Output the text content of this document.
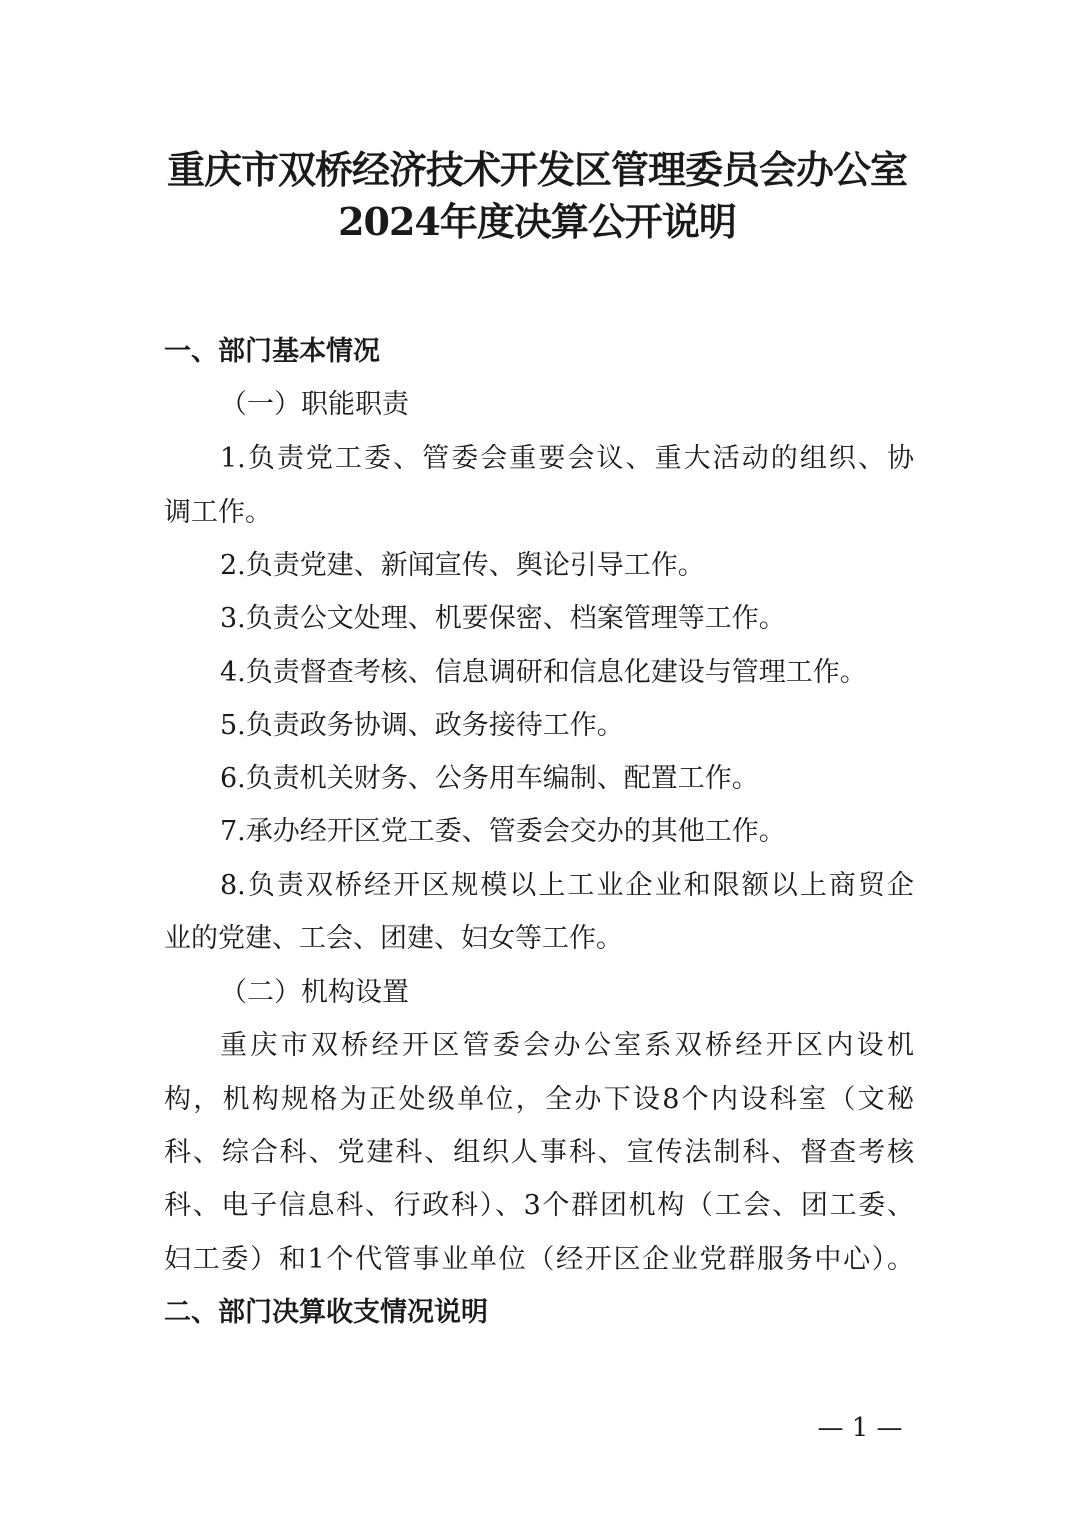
重庆市双桥经济技术开发区管理委员会办公室
2024年度决算公开说明
一、部门基本情况
（一）职能职责
1.负责党工委、管委会重要会议、重大活动的组织、协
调工作。
2.负责党建、新闻宣传、舆论引导工作。
3.负责公文处理、机要保密、档案管理等工作。
4.负责督查考核、信息调研和信息化建设与管理工作。
5.负责政务协调、政务接待工作。
6.负责机关财务、公务用车编制、配置工作。
7.承办经开区党工委、管委会交办的其他工作。
8.负责双桥经开区规模以上工业企业和限额以上商贸企
业的党建、工会、团建、妇女等工作。
（二）机构设置
重庆市双桥经开区管委会办公室系双桥经开区内设机
构，机构规格为正处级单位，全办下设8个内设科室（文秘
科、综合科、党建科、组织人事科、宣传法制科、督查考核
科、电子信息科、行政科）、3个群团机构（工会、团工委、
妇工委）和1个代管事业单位（经开区企业党群服务中心）。
二、部门决算收支情况说明
— 1 —
